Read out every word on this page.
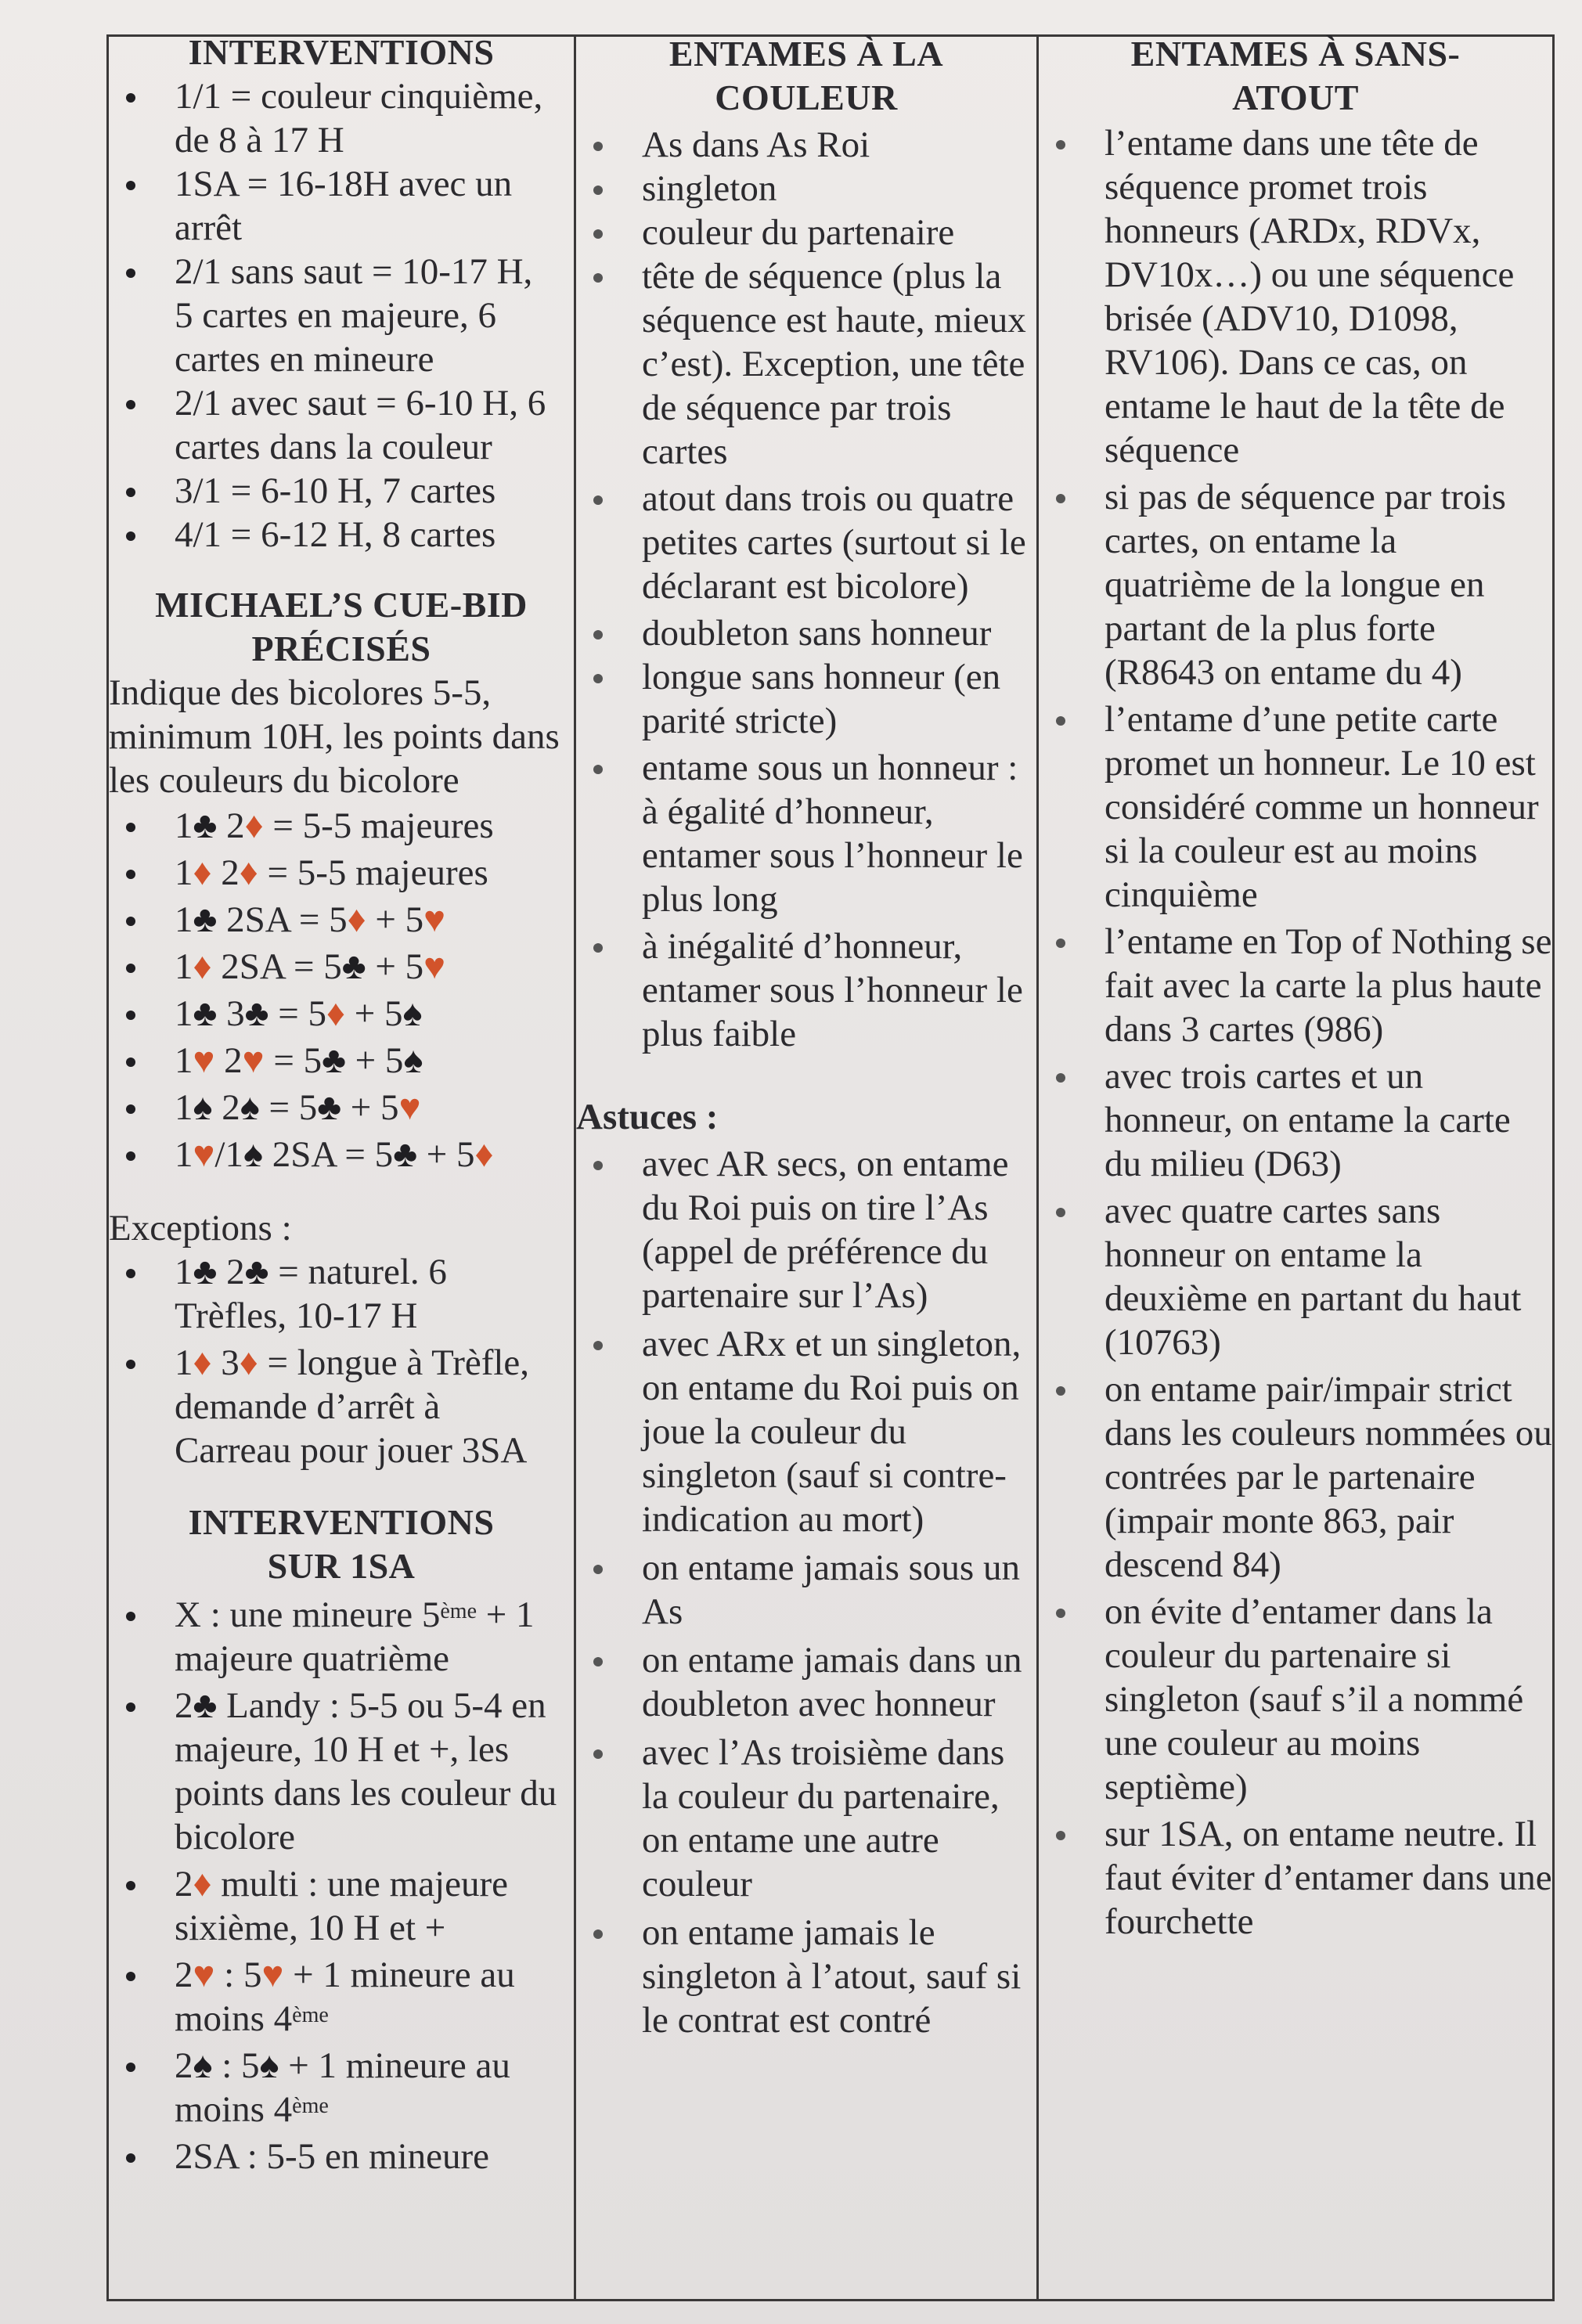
INTERVENTIONS
1/1 = couleur cinquième, de 8 à 17 H
1SA = 16-18H avec un arrêt
2/1 sans saut = 10-17 H, 5 cartes en majeure, 6 cartes en mineure
2/1 avec saut = 6-10 H, 6 cartes dans la couleur
3/1 = 6-10 H, 7 cartes
4/1 = 6-12 H, 8 cartes
MICHAEL’S CUE-BID PRÉCISÉS

Indique des bicolores 5-5, minimum 10H, les points dans les couleurs du bicolore

1♣ 2♦ = 5-5 majeures
1♦ 2♦ = 5-5 majeures
1♣ 2SA = 5♦ + 5♥
1♦ 2SA = 5♣ + 5♥
1♣ 3♣ = 5♦ + 5♠
1♥ 2♥ = 5♣ + 5♠
1♠ 2♠ = 5♣ + 5♥
1♥/1♠ 2SA = 5♣ + 5♦

Exceptions :

1♣ 2♣ = naturel. 6 Trèfles, 10-17 H
1♦ 3♦ = longue à Trèfle, demande d’arrêt à Carreau pour jouer 3SA
INTERVENTIONS SUR 1SA
X : une mineure 5ème + 1 majeure quatrième
2♣ Landy : 5-5 ou 5-4 en majeure, 10 H et +, les points dans les couleur du bicolore
2♦ multi : une majeure sixième, 10 H et +
2♥ : 5♥ + 1 mineure au moins 4ème
2♠ : 5♠ + 1 mineure au moins 4ème
2SA : 5-5 en mineure
ENTAMES À LA COULEUR
As dans As Roi
singleton
couleur du partenaire
tête de séquence (plus la séquence est haute, mieux c’est). Exception, une tête de séquence par trois cartes
atout dans trois ou quatre petites cartes (surtout si le déclarant est bicolore)
doubleton sans honneur
longue sans honneur (en parité stricte)
entame sous un honneur : à égalité d’honneur, entamer sous l’honneur le plus long
à inégalité d’honneur, entamer sous l’honneur le plus faible

Astuces :

avec AR secs, on entame du Roi puis on tire l’As (appel de préférence du partenaire sur l’As)
avec ARx et un singleton, on entame du Roi puis on joue la couleur du singleton (sauf si contre-indication au mort)
on entame jamais sous un As
on entame jamais dans un doubleton avec honneur
avec l’As troisième dans la couleur du partenaire, on entame une autre couleur
on entame jamais le singleton à l’atout, sauf si le contrat est contré
ENTAMES À SANS-ATOUT
l’entame dans une tête de séquence promet trois honneurs (ARDx, RDVx, DV10x…) ou une séquence brisée (ADV10, D1098, RV106). Dans ce cas, on entame le haut de la tête de séquence
si pas de séquence par trois cartes, on entame la quatrième de la longue en partant de la plus forte (R8643 on entame du 4)
l’entame d’une petite carte promet un honneur. Le 10 est considéré comme un honneur si la couleur est au moins cinquième
l’entame en Top of Nothing se fait avec la carte la plus haute dans 3 cartes (986)
avec trois cartes et un honneur, on entame la carte du milieu (D63)
avec quatre cartes sans honneur on entame la deuxième en partant du haut (10763)
on entame pair/impair strict dans les couleurs nommées ou contrées par le partenaire (impair monte 863, pair descend 84)
on évite d’entamer dans la couleur du partenaire si singleton (sauf s’il a nommé une couleur au moins septième)
sur 1SA, on entame neutre. Il faut éviter d’entamer dans une fourchette
